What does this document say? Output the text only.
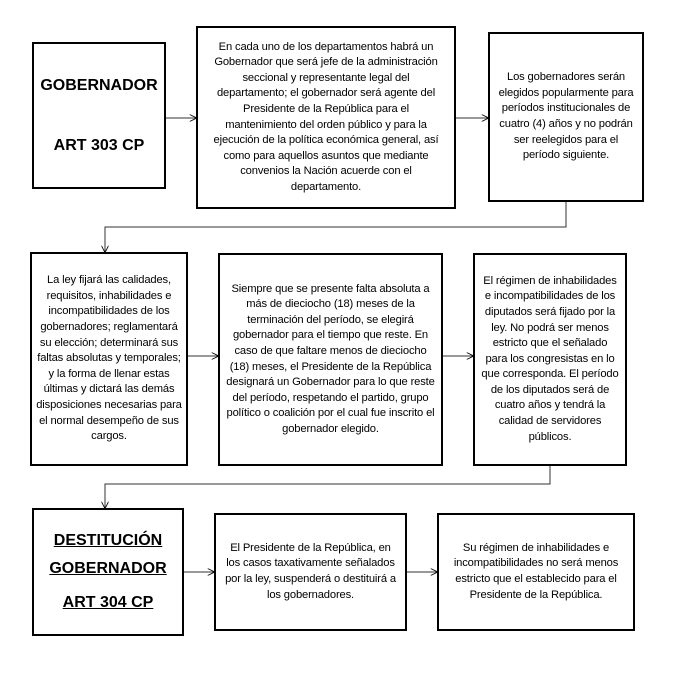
GOBERNADOR
ART 303 CP
En cada uno de los departamentos habrá un Gobernador que será jefe de la administración seccional y representante legal del departamento; el gobernador será agente del Presidente de la República para el mantenimiento del orden público y para la ejecución de la política económica general, así como para aquellos asuntos que mediante convenios la Nación acuerde con el departamento.
Los gobernadores serán elegidos popularmente para períodos institucionales de cuatro (4) años y no podrán ser reelegidos para el período siguiente.
La ley fijará las calidades, requisitos, inhabilidades e incompatibilidades de los gobernadores; reglamentará su elección; determinará sus faltas absolutas y temporales; y la forma de llenar estas últimas y dictará las demás disposiciones necesarias para el normal desempeño de sus cargos.
Siempre que se presente falta absoluta a más de dieciocho (18) meses de la terminación del período, se elegirá gobernador para el tiempo que reste. En caso de que faltare menos de dieciocho (18) meses, el Presidente de la República designará un Gobernador para lo que reste del período, respetando el partido, grupo político o coalición por el cual fue inscrito el gobernador elegido.
El régimen de inhabilidades e incompatibilidades de los diputados será fijado por la ley. No podrá ser menos estricto que el señalado para los congresistas en lo que corresponda. El período de los diputados será de cuatro años y tendrá la calidad de servidores públicos.
DESTITUCIÓN
GOBERNADOR
ART 304 CP
El Presidente de la República, en los casos taxativamente señalados por la ley, suspenderá o destituirá a los gobernadores.
Su régimen de inhabilidades e incompatibilidades no será menos estricto que el establecido para el Presidente de la República.
